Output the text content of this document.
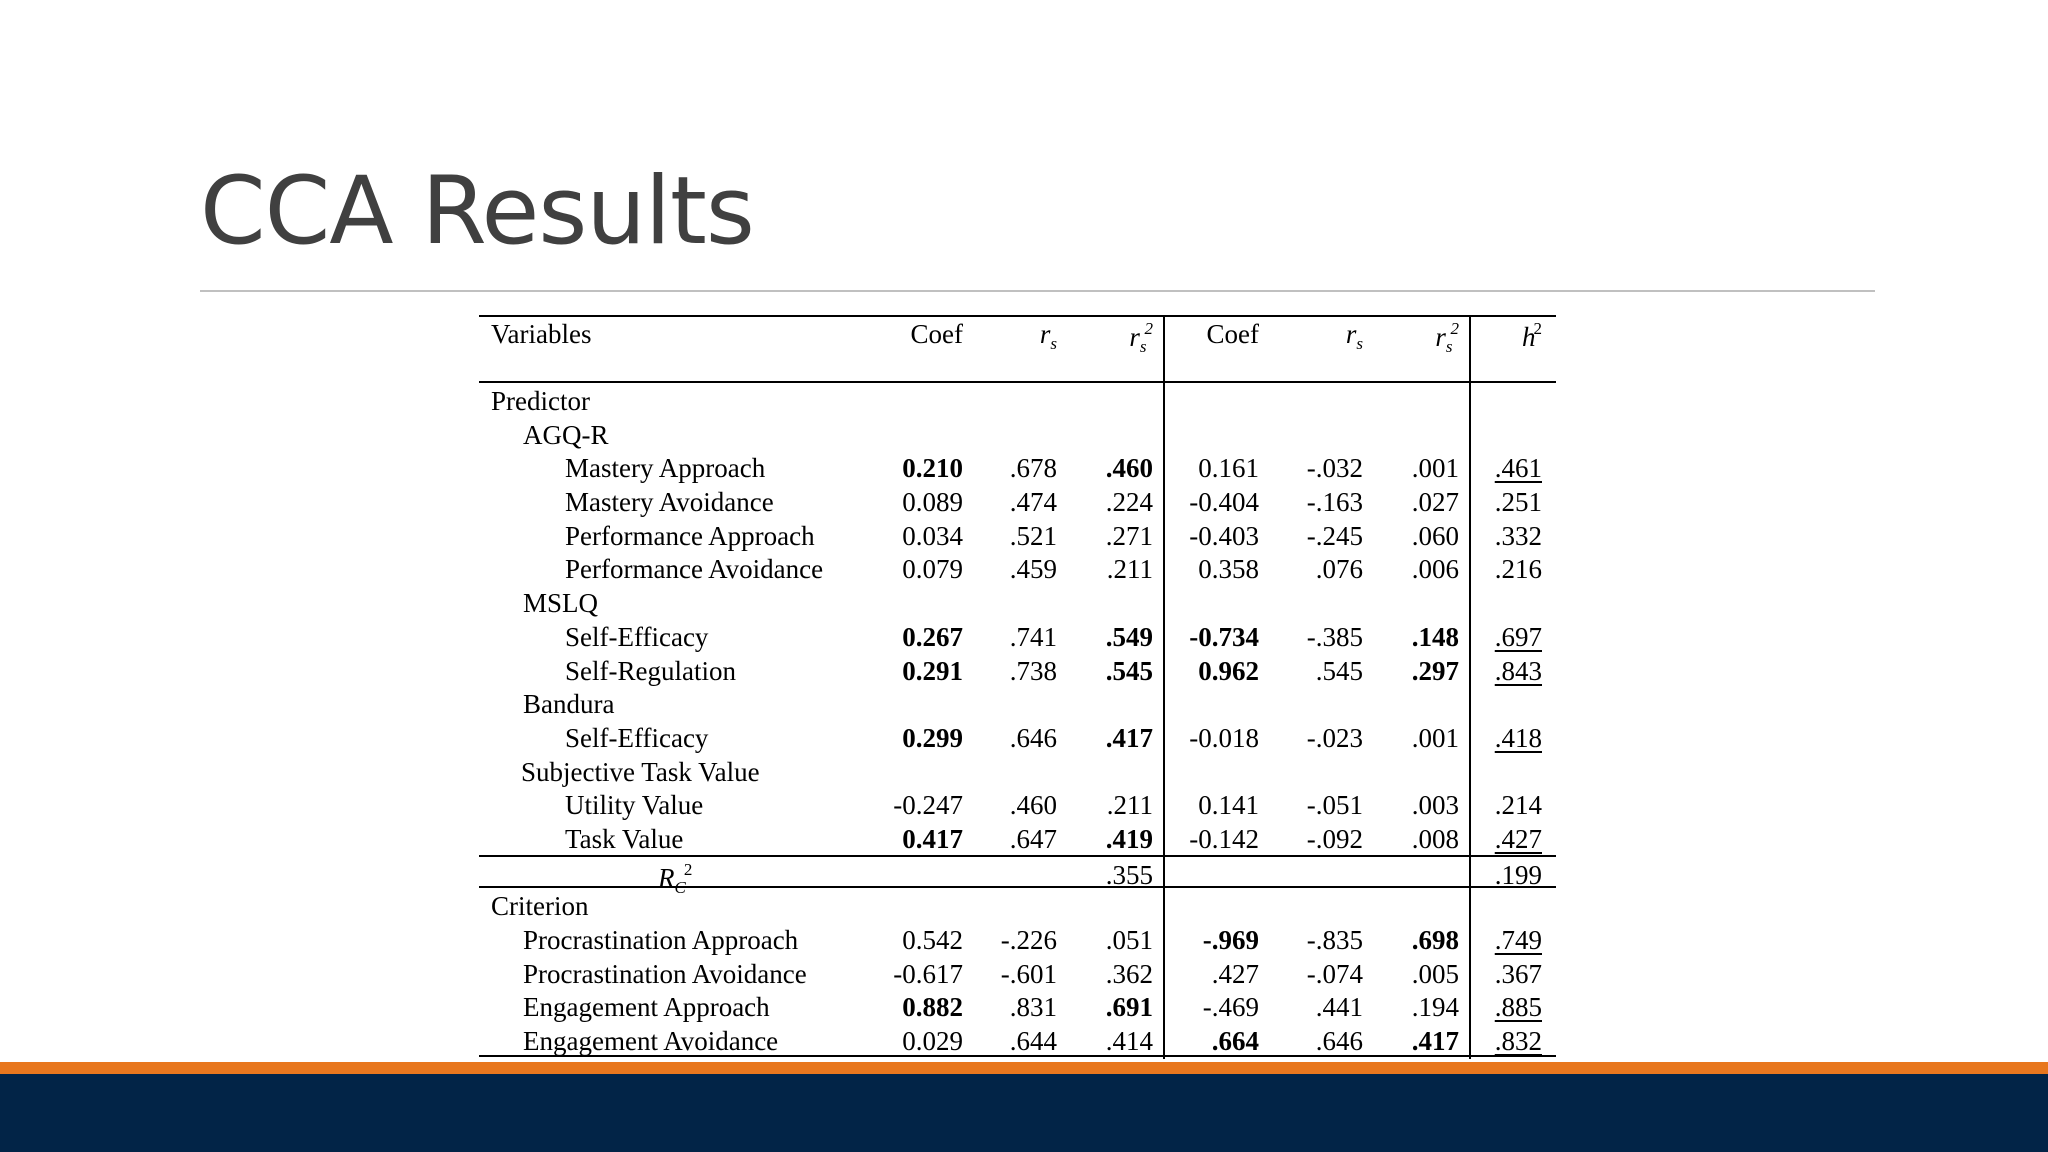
CCA Results
Variables	Coef	$r_s$	$r_s^2$ Coef	$r_s$	$r_s^2$ $h^2$
Predictor
AGQ-R
Mastery Approach	0.210 .678 .460 0.161 -.032 .001 .461
Mastery Avoidance	0.089 .474 .224 -0.404 -.163 .027 .251
Performance Approach	0.034 .521 .271 -0.403 -.245 .060 .332
Performance Avoidance	0.079 .459 .211 0.358 .076 .006 .216
MSLQ
Self-Efficacy	0.267 .741 .549 -0.734 -.385 .148 .697
Self-Regulation	0.291 .738 .545 0.962 .545 .297 .843
Bandura
Self-Efficacy	0.299 .646 .417 -0.018 -.023 .001 .418
Subjective Task Value
Utility Value	-0.247 .460 .211 0.141 -.051 .003 .214
Task Value	0.417 .647 .419 -0.142 -.092 .008 .427
$R_C^2$	.355	.199
Criterion
Procrastination Approach	0.542 -.226 .051 -.969 -.835 .698 .749
Procrastination Avoidance	-0.617 -.601 .362 .427 -.074 .005 .367
Engagement Approach	0.882 .831 .691 -.469 .441 .194 .885
Engagement Avoidance	0.029 .644 .414 .664 .646 .417 .832
